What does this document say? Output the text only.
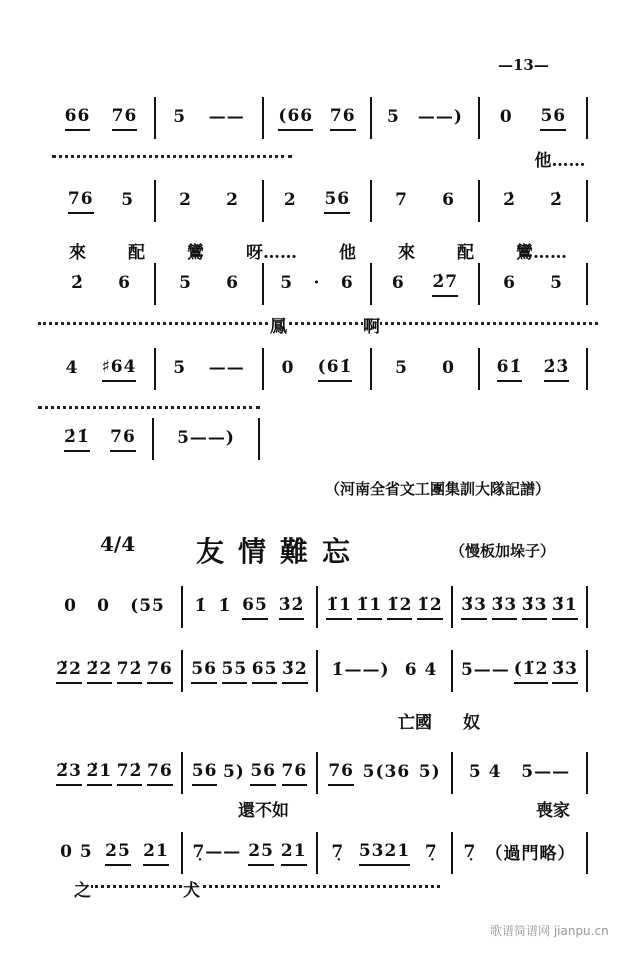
—13—
66 76 5 —— (66 76 5 ——) 0 56
他……
76 5	2 2	2 56	7 6	2̇ 2̇
來 配 鸞 呀…… 他 來 配 鸞……
2̇ 6	5 6 5 · 6 6 2̇7	6 5
鳳	啊
4 ♯64 5 —— 0 (61̇	5 0 61̇ 2̇3̇
2̇1̇ 76 5——)
（河南全省文工團集訓大隊記譜）
4/4 友情難忘	（慢板加垛子）
0 0 (55 1̇ 1̇ 65 3̇2̇ 1̈1 1̈1 1̈2 1̈2 3̈3 3̈3 3̈3 3̈1
2̈2 2̈2 72̇ 76 56 55 65 3̈2 1̇——) 6 4 5—— (1̈2 3̈3
亡國 奴
2̈3 2̈1 72̇ 76 56 5) 56 76 76 5(36 5) 5 4 5——
還 不 如	喪 家
0 5 25 21 7̣—— 25 21 7̣ 5321 7̣ 7̣ （過門略）
之	犬
歌谱简谱网 jianpu.cn
